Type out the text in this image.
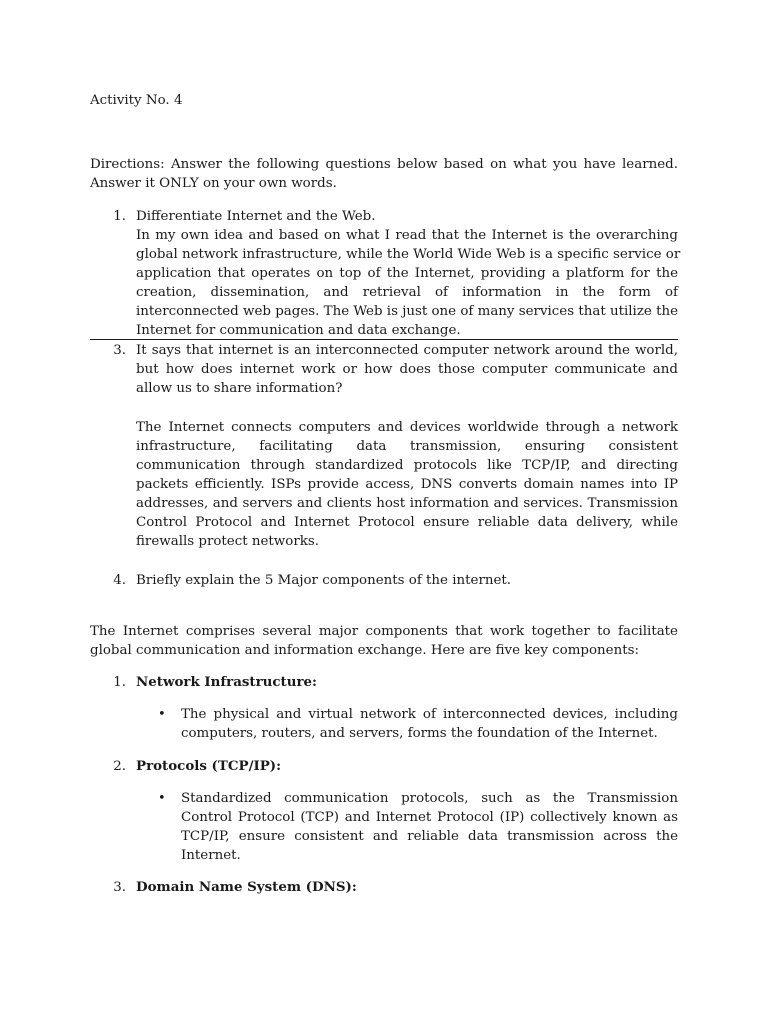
Activity No. 4
Directions: Answer the following questions below based on what you have learned.
Answer it ONLY on your own words.
1. Differentiate Internet and the Web.
In my own idea and based on what I read that the Internet is the overarching
global network infrastructure, while the World Wide Web is a specific service or
application that operates on top of the Internet, providing a platform for the
creation, dissemination, and retrieval of information in the form of
interconnected web pages. The Web is just one of many services that utilize the
Internet for communication and data exchange.
3. It says that internet is an interconnected computer network around the world,
but how does internet work or how does those computer communicate and
allow us to share information?
The Internet connects computers and devices worldwide through a network
infrastructure, facilitating data transmission, ensuring consistent
communication through standardized protocols like TCP/IP, and directing
packets efficiently. ISPs provide access, DNS converts domain names into IP
addresses, and servers and clients host information and services. Transmission
Control Protocol and Internet Protocol ensure reliable data delivery, while
firewalls protect networks.
4. Briefly explain the 5 Major components of the internet.
The Internet comprises several major components that work together to facilitate
global communication and information exchange. Here are five key components:
1. Network Infrastructure:
• The physical and virtual network of interconnected devices, including
computers, routers, and servers, forms the foundation of the Internet.
2. Protocols (TCP/IP):
• Standardized communication protocols, such as the Transmission
Control Protocol (TCP) and Internet Protocol (IP) collectively known as
TCP/IP, ensure consistent and reliable data transmission across the
Internet.
3. Domain Name System (DNS):
